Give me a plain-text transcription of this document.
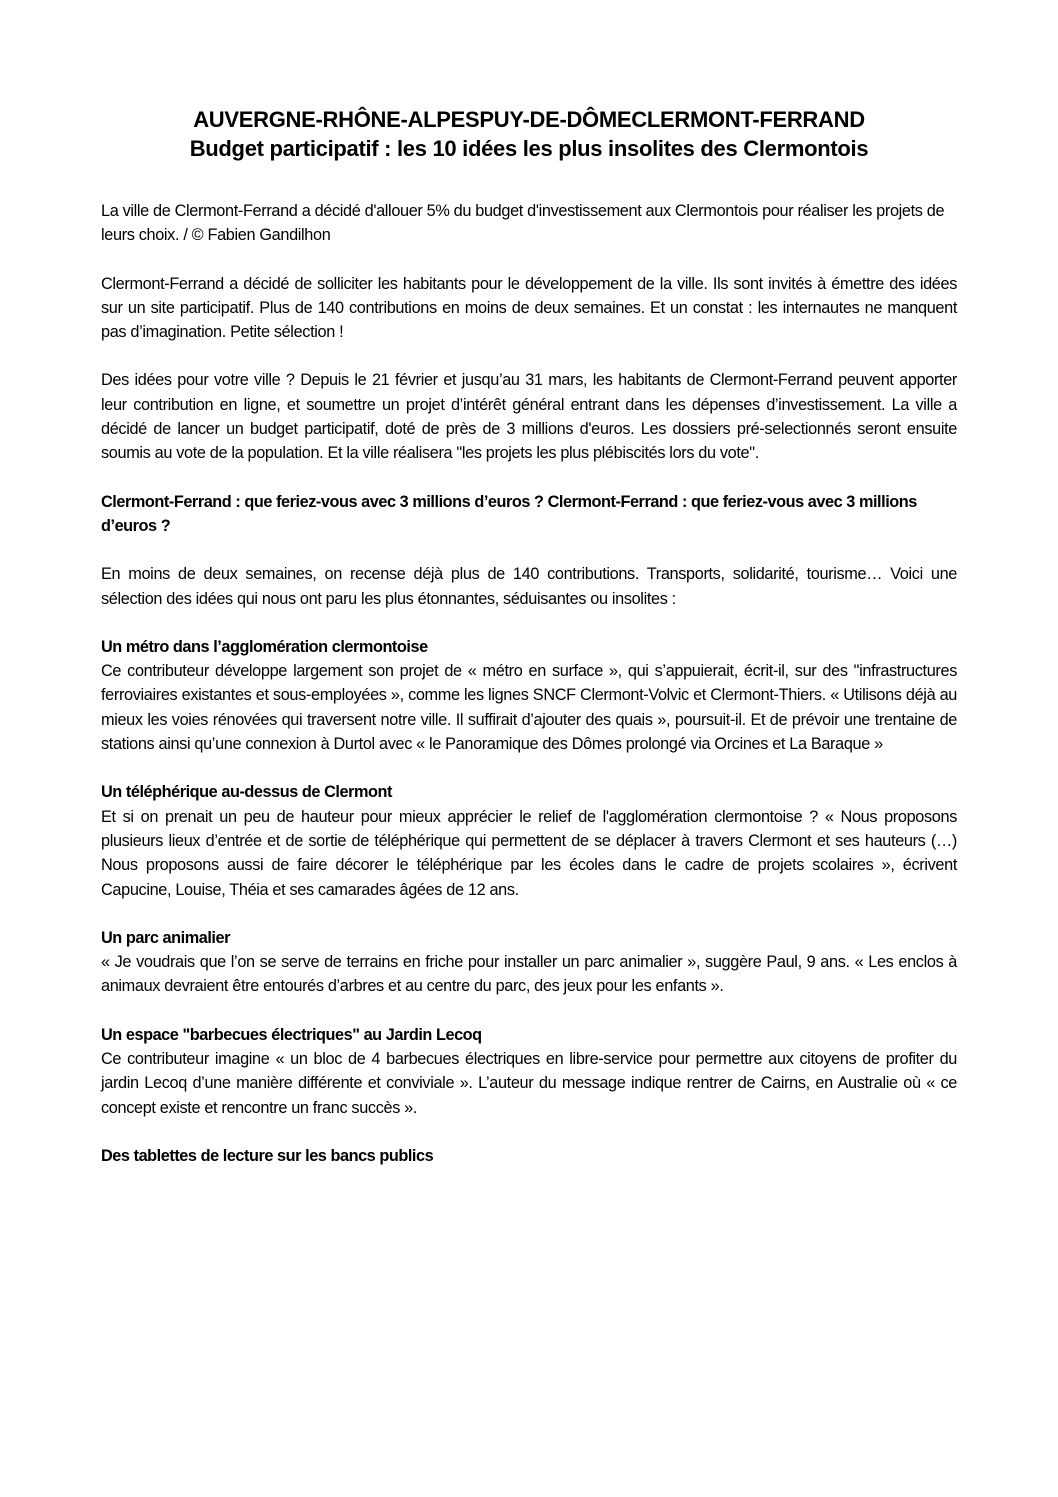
AUVERGNE-RHÔNE-ALPESPUY-DE-DÔMECLERMONT-FERRAND
Budget participatif : les 10 idées les plus insolites des Clermontois

La ville de Clermont-Ferrand a décidé d'allouer 5% du budget d'investissement aux Clermontois pour réaliser les projets de leurs choix. / © Fabien Gandilhon

Clermont-Ferrand a décidé de solliciter les habitants pour le développement de la ville. Ils sont invités à émettre des idées sur un site participatif. Plus de 140 contributions en moins de deux semaines. Et un constat : les internautes ne manquent pas d’imagination. Petite sélection !

Des idées pour votre ville ? Depuis le 21 février et jusqu’au 31 mars, les habitants de Clermont-Ferrand peuvent apporter leur contribution en ligne, et soumettre un projet d’intérêt général entrant dans les dépenses d’investissement. La ville a décidé de lancer un budget participatif, doté de près de 3 millions d'euros. Les dossiers pré-selectionnés seront ensuite soumis au vote de la population. Et la ville réalisera "les projets les plus plébiscités lors du vote".

Clermont-Ferrand : que feriez-vous avec 3 millions d’euros ? Clermont-Ferrand : que feriez-vous avec 3 millions d’euros ?

En moins de deux semaines, on recense déjà plus de 140 contributions. Transports, solidarité, tourisme… Voici une sélection des idées qui nous ont paru les plus étonnantes, séduisantes ou insolites :

Un métro dans l’agglomération clermontoise

Ce contributeur développe largement son projet de « métro en surface », qui s’appuierait, écrit-il, sur des "infrastructures ferroviaires existantes et sous-employées », comme les lignes SNCF Clermont-Volvic et Clermont-Thiers. « Utilisons déjà au mieux les voies rénovées qui traversent notre ville. Il suffirait d’ajouter des quais », poursuit-il. Et de prévoir une trentaine de stations ainsi qu’une connexion à Durtol avec « le Panoramique des Dômes prolongé via Orcines et La Baraque »

Un téléphérique au-dessus de Clermont

Et si on prenait un peu de hauteur pour mieux apprécier le relief de l'agglomération clermontoise ? « Nous proposons plusieurs lieux d’entrée et de sortie de téléphérique qui permettent de se déplacer à travers Clermont et ses hauteurs (…) Nous proposons aussi de faire décorer le téléphérique par les écoles dans le cadre de projets scolaires », écrivent Capucine, Louise, Théia et ses camarades âgées de 12 ans.

Un parc animalier

« Je voudrais que l’on se serve de terrains en friche pour installer un parc animalier », suggère Paul, 9 ans. « Les enclos à animaux devraient être entourés d’arbres et au centre du parc, des jeux pour les enfants ».

Un espace "barbecues électriques" au Jardin Lecoq

Ce contributeur imagine « un bloc de 4 barbecues électriques en libre-service pour permettre aux citoyens de profiter du jardin Lecoq d’une manière différente et conviviale ». L’auteur du message indique rentrer de Cairns, en Australie où « ce concept existe et rencontre un franc succès ».

Des tablettes de lecture sur les bancs publics
